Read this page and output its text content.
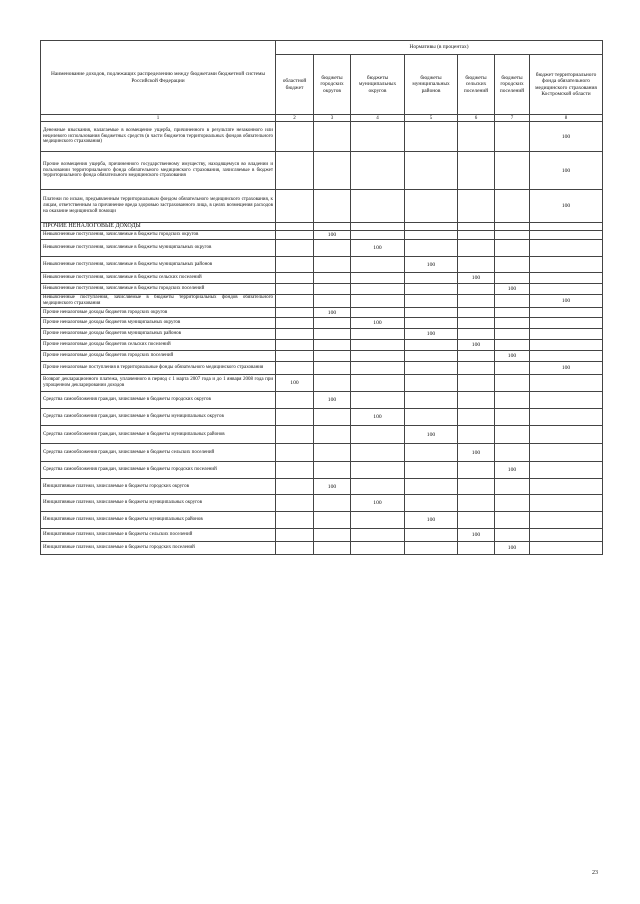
Наименование доходов, подлежащих распределению между бюджетами бюджетной системы Российской Федерации	Нормативы (в процентах)						
	областной бюджет	бюджеты городских округов	бюджеты муниципальных округов	бюджеты муниципальных районов	бюджеты сельских поселений	бюджеты городских поселений	бюджет территориального фонда обязательного медицинского страхования Костромской области
1	2	3	4	5	6	7	8
Денежные взыскания, налагаемые в возмещение ущерба, причиненного в результате незаконного или нецелевого использования бюджетных средств (в части бюджетов территориальных фондов обязательного медицинского страхования)							100
Прочие возмещения ущерба, причиненного государственному имуществу, находящемуся во владении и пользовании территориального фонда обязательного медицинского страхования, зачисляемые в бюджет территориального фонда обязательного медицинского страхования							100
Платежи по искам, предъявленным территориальным фондом обязательного медицинского страхования, к лицам, ответственным за причинение вреда здоровью застрахованного лица, в целях возмещения расходов на оказание медицинской помощи							100
ПРОЧИЕ НЕНАЛОГОВЫЕ ДОХОДЫ							
Невыясненные поступления, зачисляемые в бюджеты городских округов		100					
Невыясненные поступления, зачисляемые в бюджеты муниципальных округов			100				
Невыясненные поступления, зачисляемые в бюджеты муниципальных районов				100			
Невыясненные поступления, зачисляемые в бюджеты сельских поселений					100		
Невыясненные поступления, зачисляемые в бюджеты городских поселений						100	
Невыясненные поступления, зачисляемые в бюджеты территориальных фондов обязательного медицинского страхования							100
Прочие неналоговые доходы бюджетов городских округов		100					
Прочие неналоговые доходы бюджетов муниципальных округов			100				
Прочие неналоговые доходы бюджетов муниципальных районов				100			
Прочие неналоговые доходы бюджетов сельских поселений					100		
Прочие неналоговые доходы бюджетов городских поселений						100	
Прочие неналоговые поступления в территориальные фонды обязательного медицинского страхования							100
Возврат декларационного платежа, уплаченного в период с 1 марта 2007 года и до 1 января 2008 года при упрощенном декларировании доходов	100						
Средства самообложения граждан, зачисляемые в бюджеты городских округов		100					
Средства самообложения граждан, зачисляемые в бюджеты муниципальных округов			100				
Средства самообложения граждан, зачисляемые в бюджеты муниципальных районов				100			
Средства самообложения граждан, зачисляемые в бюджеты сельских поселений					100		
Средства самообложения граждан, зачисляемые в бюджеты городских поселений						100	
Инициативные платежи, зачисляемые в бюджеты городских округов		100					
Инициативные платежи, зачисляемые в бюджеты муниципальных округов			100				
Инициативные платежи, зачисляемые в бюджеты муниципальных районов				100			
Инициативные платежи, зачисляемые в бюджеты сельских поселений					100		
Инициативные платежи, зачисляемые в бюджеты городских поселений						100	
23
